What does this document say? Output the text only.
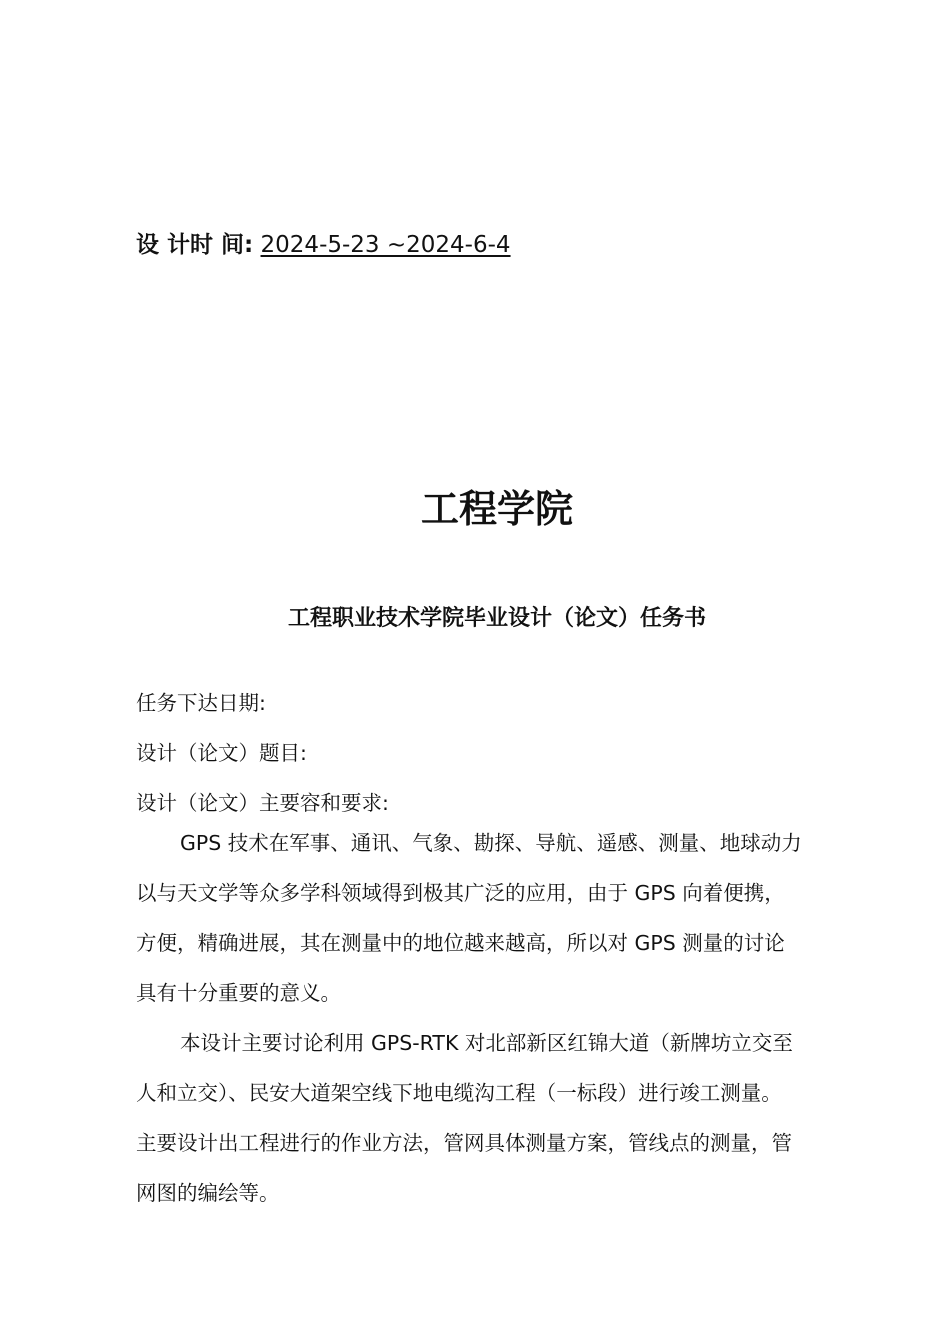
设 计时 间: 2024-5-23 ~2024-6-4
工程学院
工程职业技术学院毕业设计（论文）任务书
任务下达日期:
设计（论文）题目:
设计（论文）主要容和要求:
GPS 技术在军事、通讯、气象、勘探、导航、遥感、测量、地球动力
以与天文学等众多学科领域得到极其广泛的应用，由于 GPS 向着便携，
方便，精确进展，其在测量中的地位越来越高，所以对 GPS 测量的讨论
具有十分重要的意义。
本设计主要讨论利用 GPS-RTK 对北部新区红锦大道（新牌坊立交至
人和立交）、民安大道架空线下地电缆沟工程（一标段）进行竣工测量。
主要设计出工程进行的作业方法，管网具体测量方案，管线点的测量，管
网图的编绘等。
